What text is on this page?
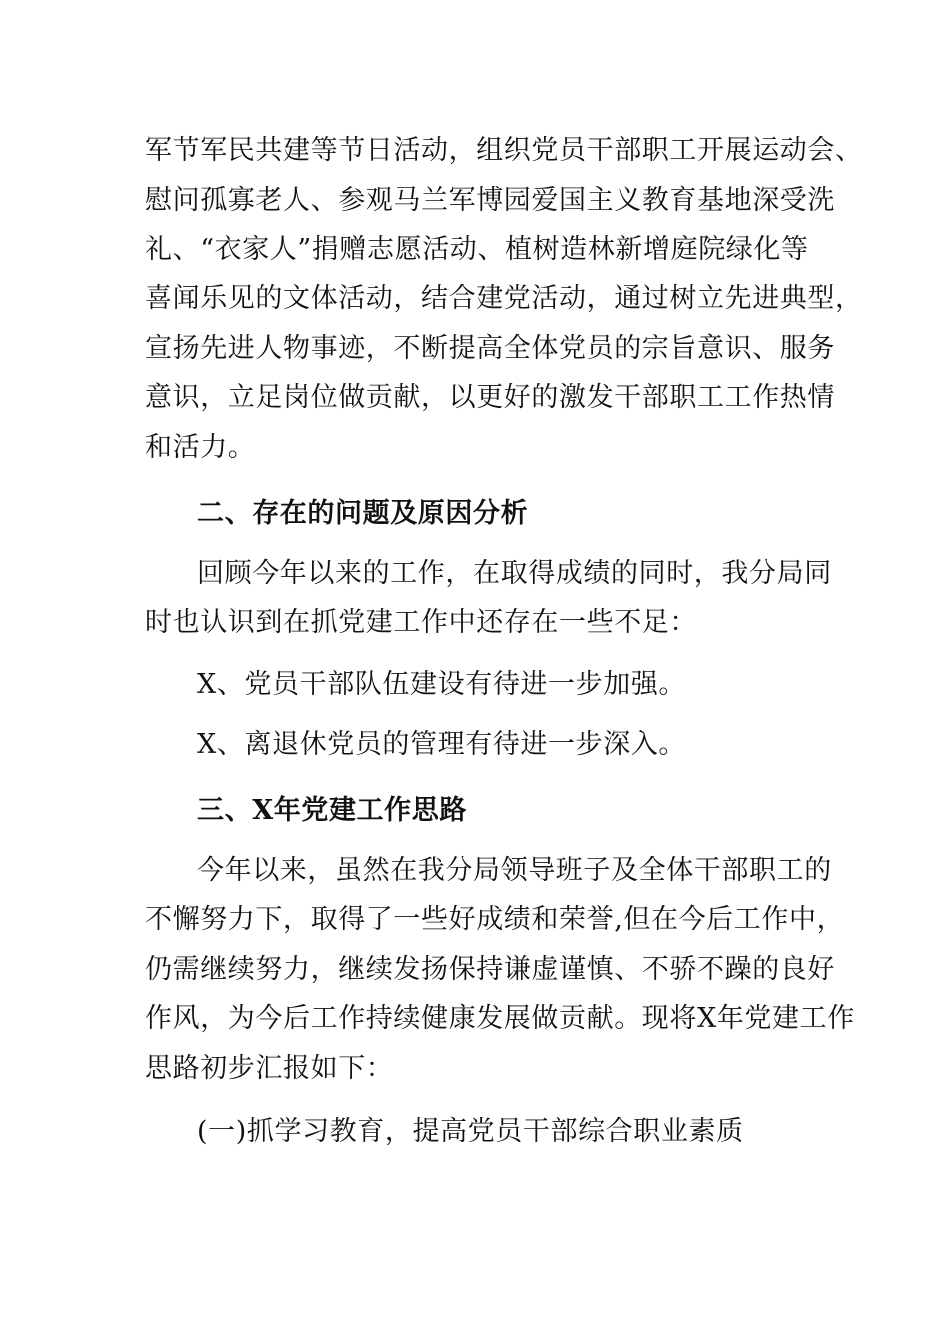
军节军民共建等节日活动，组织党员干部职工开展运动会、
慰问孤寡老人、参观马兰军博园爱国主义教育基地深受洗
礼、“衣家人”捐赠志愿活动、植树造林新增庭院绿化等
喜闻乐见的文体活动，结合建党活动，通过树立先进典型，
宣扬先进人物事迹，不断提高全体党员的宗旨意识、服务
意识，立足岗位做贡献，以更好的激发干部职工工作热情
和活力。
二、存在的问题及原因分析
回顾今年以来的工作，在取得成绩的同时，我分局同
时也认识到在抓党建工作中还存在一些不足：
X、党员干部队伍建设有待进一步加强。
X、离退休党员的管理有待进一步深入。
三、X年党建工作思路
今年以来，虽然在我分局领导班子及全体干部职工的
不懈努力下，取得了一些好成绩和荣誉,但在今后工作中，
仍需继续努力，继续发扬保持谦虚谨慎、不骄不躁的良好
作风，为今后工作持续健康发展做贡献。现将X年党建工作
思路初步汇报如下：
(一)抓学习教育，提高党员干部综合职业素质
